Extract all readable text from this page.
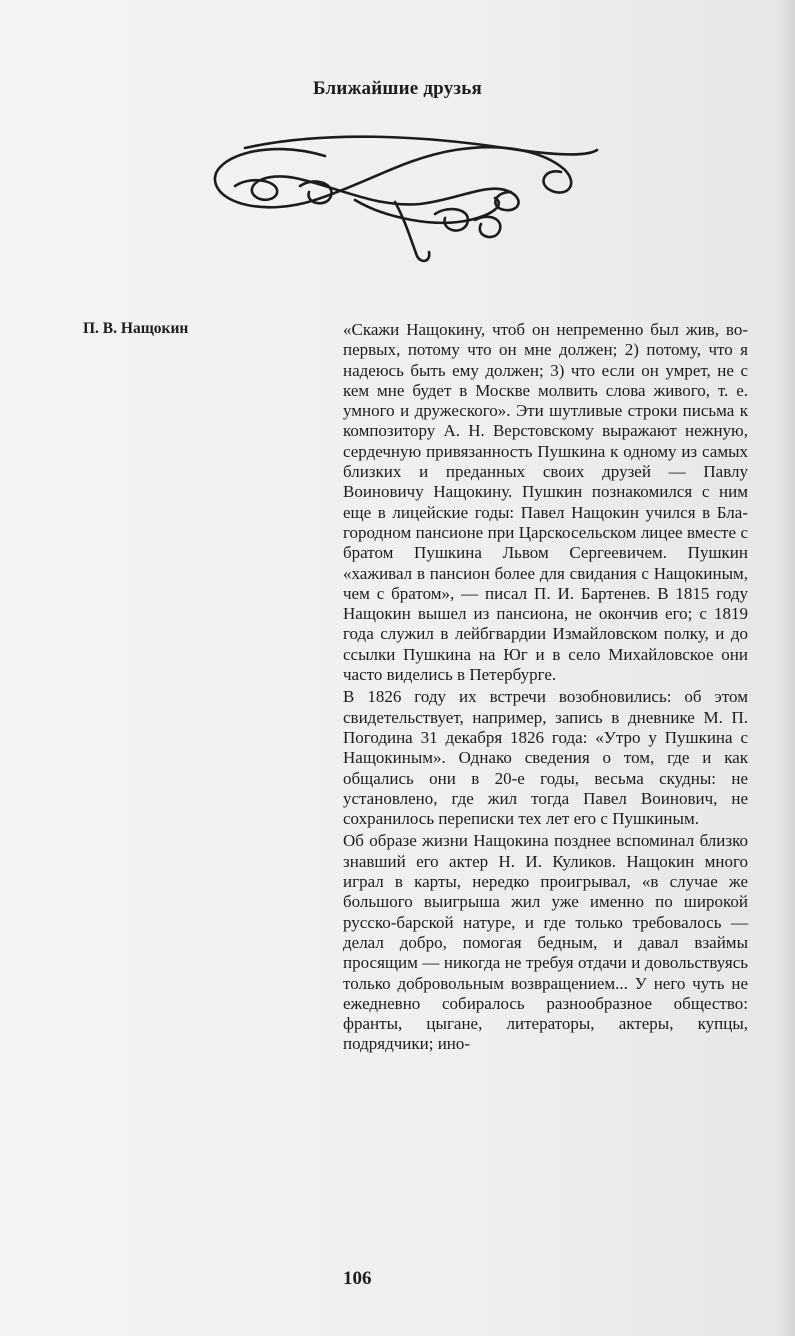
Ближайшие друзья
П. В. Нащокин	«Скажи Нащокину, чтоб он непременно был жив, во-первых, потому что он мне должен; 2) потому, что я надеюсь быть ему должен; 3) что если он умрет, не с кем мне будет в Москве молвить слова живого, т. е. умного и дружеского». Эти шутливые строки письма к композитору А. Н. Верстовскому выражают нежную, сердечную привязанность Пушкина к одному из самых близких и преданных своих друзей — Павлу Воиновичу Нащокину. Пушкин познакомился с ним еще в лицейские годы: Павел Нащокин учился в Благородном пансионе при Царскосельском лицее вместе с братом Пушкина Львом Сергеевичем. Пушкин «хаживал в пансион более для свидания с Нащокиным, чем с братом», — писал П. И. Бартенев. В 1815 году Нащокин вышел из пансиона, не окончив его; с 1819 года служил в лейбгвардии Измайловском полку, и до ссылки Пушкина на Юг и в село Михайловское они часто виделись в Петербурге.

В 1826 году их встречи возобновились: об этом свидетельствует, например, запись в дневнике М. П. Погодина 31 декабря 1826 года: «Утро у Пушкина с Нащокиным». Однако сведения о том, где и как общались они в 20-е годы, весьма скудны: не установлено, где жил тогда Павел Воинович, не сохранилось переписки тех лет его с Пушкиным.

Об образе жизни Нащокина позднее вспоминал близко знавший его актер Н. И. Куликов. Нащокин много играл в карты, нередко проигрывал, «в случае же большого выигрыша жил уже именно по широкой русско-барской натуре, и где только требовалось — делал добро, помогая бедным, и давал взаймы просящим — никогда не требуя отдачи и довольствуясь только добровольным возвращением... У него чуть не ежедневно собиралось разнообразное общество: франты, цыгане, литераторы, актеры, купцы, подрядчики; ино-

106
